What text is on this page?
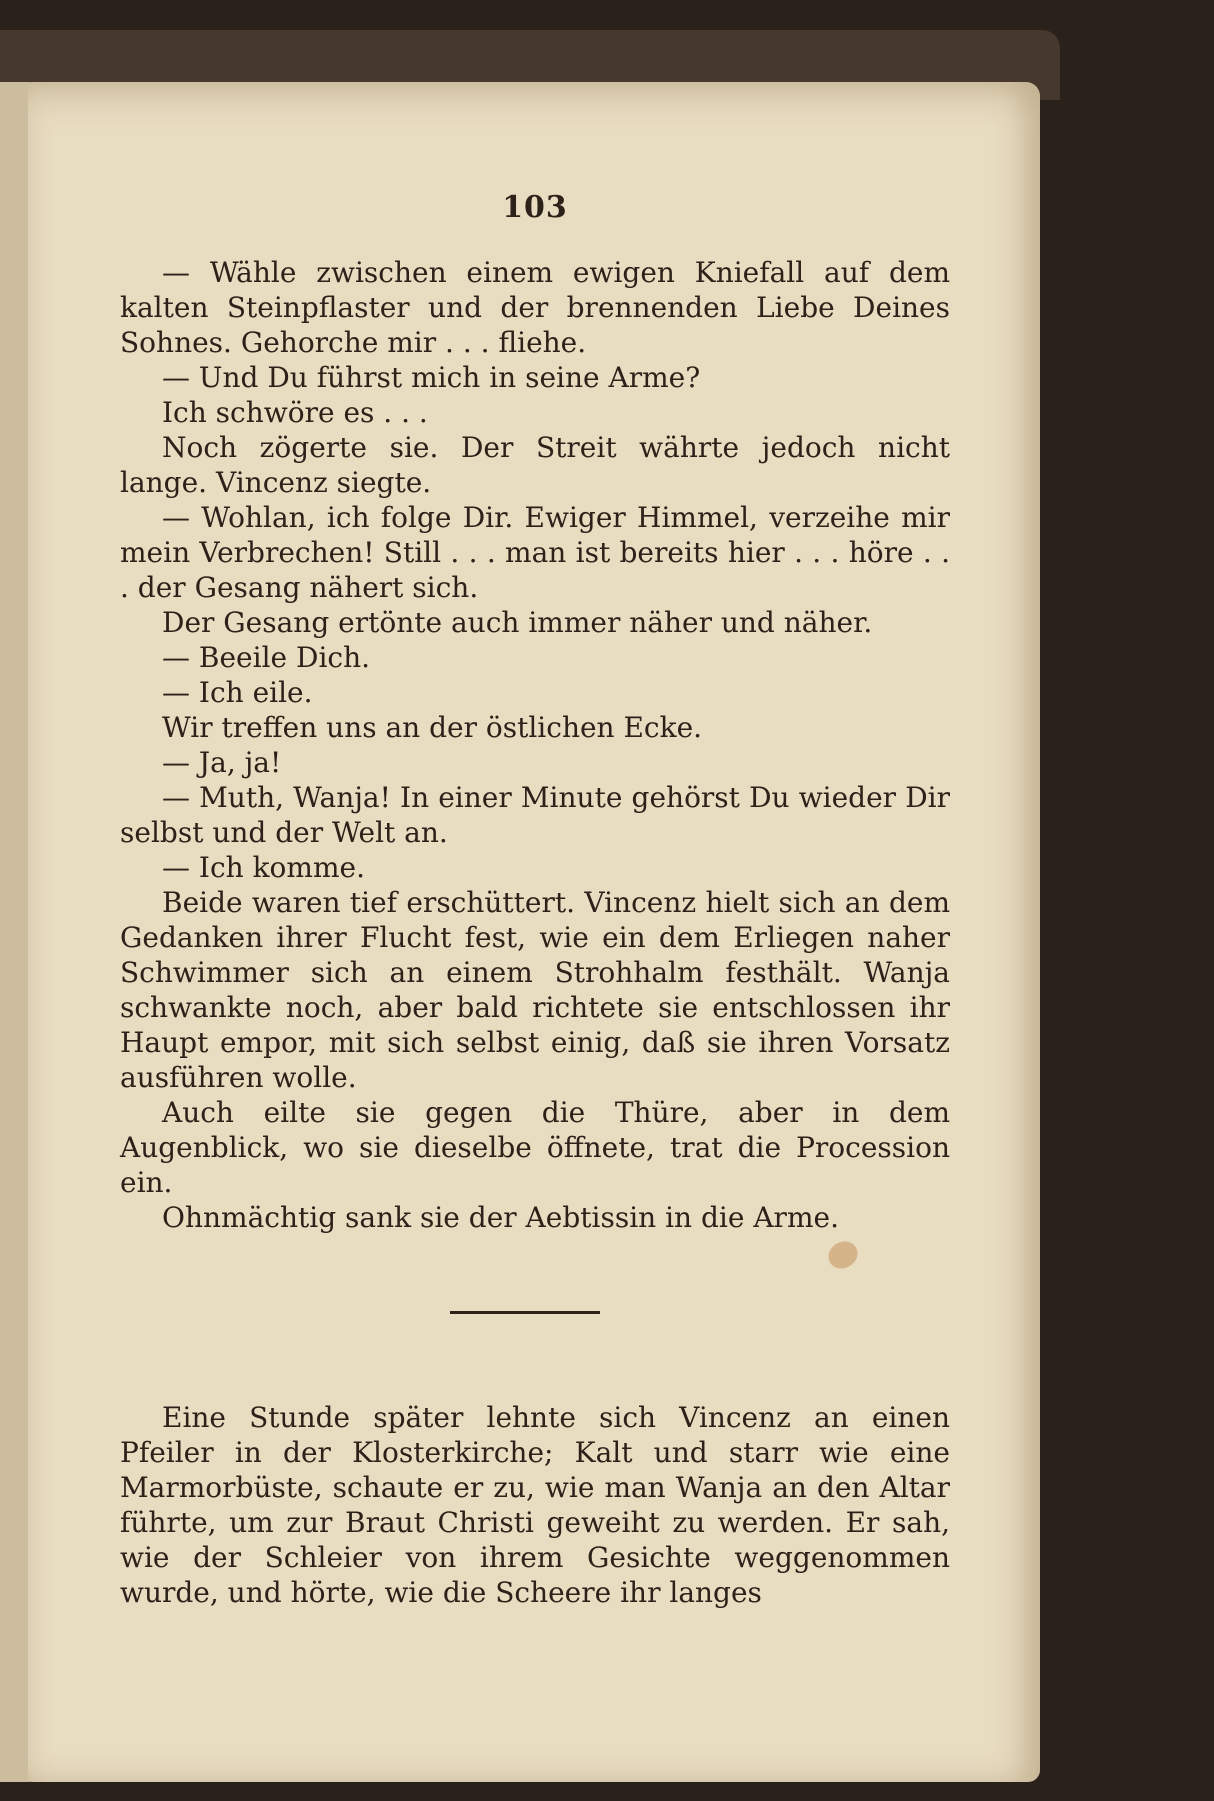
103

— Wähle zwischen einem ewigen Kniefall auf dem kalten Steinpflaster und der brennenden Liebe Deines Sohnes. Gehorche mir . . . fliehe.

— Und Du führst mich in seine Arme?

Ich schwöre es . . .

Noch zögerte sie. Der Streit währte jedoch nicht lange. Vincenz siegte.

— Wohlan, ich folge Dir. Ewiger Himmel, verzeihe mir mein Verbrechen! Still . . . man ist bereits hier . . . höre . . . der Gesang nähert sich.

Der Gesang ertönte auch immer näher und näher.

— Beeile Dich.

— Ich eile.

Wir treffen uns an der östlichen Ecke.

— Ja, ja!

— Muth, Wanja! In einer Minute gehörst Du wieder Dir selbst und der Welt an.

— Ich komme.

Beide waren tief erschüttert. Vincenz hielt sich an dem Gedanken ihrer Flucht fest, wie ein dem Erliegen naher Schwimmer sich an einem Strohhalm festhält. Wanja schwankte noch, aber bald richtete sie entschlossen ihr Haupt empor, mit sich selbst einig, daß sie ihren Vorsatz ausführen wolle.

Auch eilte sie gegen die Thüre, aber in dem Augenblick, wo sie dieselbe öffnete, trat die Procession ein.

Ohnmächtig sank sie der Aebtissin in die Arme.

Eine Stunde später lehnte sich Vincenz an einen Pfeiler in der Klosterkirche; Kalt und starr wie eine Marmorbüste, schaute er zu, wie man Wanja an den Altar führte, um zur Braut Christi geweiht zu werden. Er sah, wie der Schleier von ihrem Gesichte weggenommen wurde, und hörte, wie die Scheere ihr langes
